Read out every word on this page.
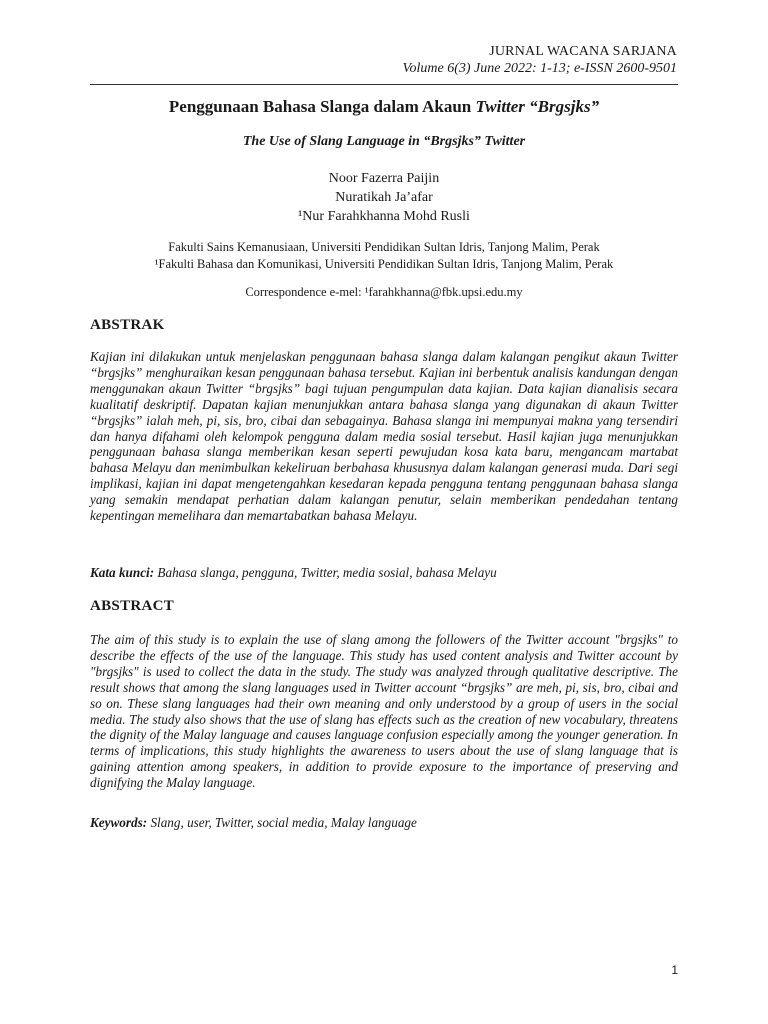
JURNAL WACANA SARJANA
Volume 6(3) June 2022: 1-13; e-ISSN 2600-9501
Penggunaan Bahasa Slanga dalam Akaun Twitter “Brgsjks”
The Use of Slang Language in “Brgsjks” Twitter
Noor Fazerra Paijin
Nuratikah Ja’afar
¹Nur Farahkhanna Mohd Rusli
Fakulti Sains Kemanusiaan, Universiti Pendidikan Sultan Idris, Tanjong Malim, Perak
¹Fakulti Bahasa dan Komunikasi, Universiti Pendidikan Sultan Idris, Tanjong Malim, Perak
Correspondence e-mel: ¹farahkhanna@fbk.upsi.edu.my
ABSTRAK
Kajian ini dilakukan untuk menjelaskan penggunaan bahasa slanga dalam kalangan pengikut akaun Twitter “brgsjks” menghuraikan kesan penggunaan bahasa tersebut. Kajian ini berbentuk analisis kandungan dengan menggunakan akaun Twitter “brgsjks” bagi tujuan pengumpulan data kajian. Data kajian dianalisis secara kualitatif deskriptif. Dapatan kajian menunjukkan antara bahasa slanga yang digunakan di akaun Twitter “brgsjks” ialah meh, pi, sis, bro, cibai dan sebagainya. Bahasa slanga ini mempunyai makna yang tersendiri dan hanya difahami oleh kelompok pengguna dalam media sosial tersebut. Hasil kajian juga menunjukkan penggunaan bahasa slanga memberikan kesan seperti pewujudan kosa kata baru, mengancam martabat bahasa Melayu dan menimbulkan kekeliruan berbahasa khususnya dalam kalangan generasi muda. Dari segi implikasi, kajian ini dapat mengetengahkan kesedaran kepada pengguna tentang penggunaan bahasa slanga yang semakin mendapat perhatian dalam kalangan penutur, selain memberikan pendedahan tentang kepentingan memelihara dan memartabatkan bahasa Melayu.
Kata kunci: Bahasa slanga, pengguna, Twitter, media sosial, bahasa Melayu
ABSTRACT
The aim of this study is to explain the use of slang among the followers of the Twitter account "brgsjks" to describe the effects of the use of the language. This study has used content analysis and Twitter account by "brgsjks" is used to collect the data in the study. The study was analyzed through qualitative descriptive. The result shows that among the slang languages used in Twitter account “brgsjks” are meh, pi, sis, bro, cibai and so on. These slang languages had their own meaning and only understood by a group of users in the social media. The study also shows that the use of slang has effects such as the creation of new vocabulary, threatens the dignity of the Malay language and causes language confusion especially among the younger generation. In terms of implications, this study highlights the awareness to users about the use of slang language that is gaining attention among speakers, in addition to provide exposure to the importance of preserving and dignifying the Malay language.
Keywords: Slang, user, Twitter, social media, Malay language
1
